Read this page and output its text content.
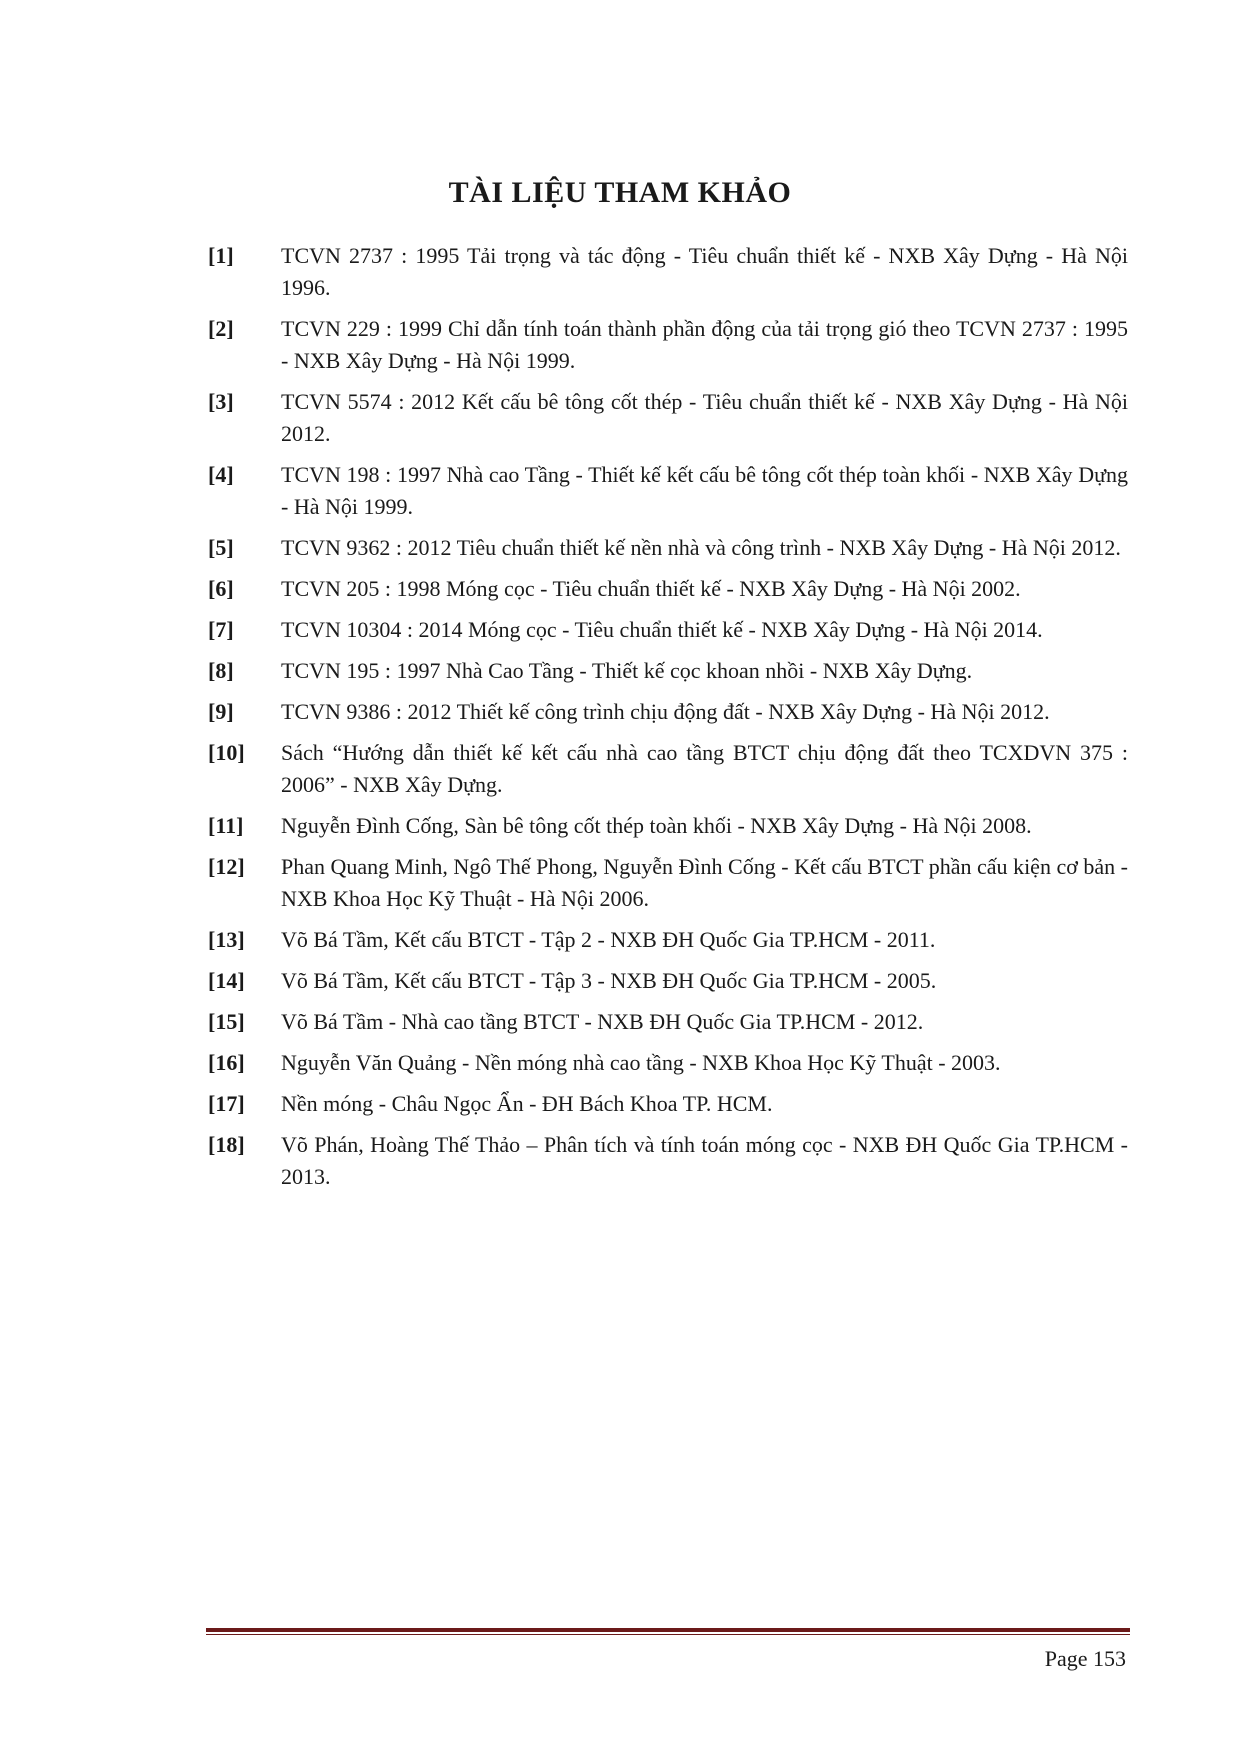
TÀI LIỆU THAM KHẢO
[1]	TCVN 2737 : 1995 Tải trọng và tác động - Tiêu chuẩn thiết kế - NXB Xây Dựng - Hà Nội 1996.
[2]	TCVN 229 : 1999 Chỉ dẫn tính toán thành phần động của tải trọng gió theo TCVN 2737 : 1995 - NXB Xây Dựng - Hà Nội 1999.
[3]	TCVN 5574 : 2012 Kết cấu bê tông cốt thép - Tiêu chuẩn thiết kế - NXB Xây Dựng - Hà Nội 2012.
[4]	TCVN 198 : 1997 Nhà cao Tầng - Thiết kế kết cấu bê tông cốt thép toàn khối - NXB Xây Dựng - Hà Nội 1999.
[5]	TCVN 9362 : 2012 Tiêu chuẩn thiết kế nền nhà và công trình - NXB Xây Dựng - Hà Nội 2012.
[6]	TCVN 205 : 1998 Móng cọc - Tiêu chuẩn thiết kế - NXB Xây Dựng - Hà Nội 2002.
[7]	TCVN 10304 : 2014 Móng cọc - Tiêu chuẩn thiết kế - NXB Xây Dựng - Hà Nội 2014.
[8]	TCVN 195 : 1997 Nhà Cao Tầng - Thiết kế cọc khoan nhồi - NXB Xây Dựng.
[9]	TCVN 9386 : 2012 Thiết kế công trình chịu động đất - NXB Xây Dựng - Hà Nội 2012.
[10]	Sách “Hướng dẫn thiết kế kết cấu nhà cao tầng BTCT chịu động đất theo TCXDVN 375 : 2006” - NXB Xây Dựng.
[11]	Nguyễn Đình Cống, Sàn bê tông cốt thép toàn khối - NXB Xây Dựng - Hà Nội 2008.
[12]	Phan Quang Minh, Ngô Thế Phong, Nguyễn Đình Cống - Kết cấu BTCT phần cấu kiện cơ bản - NXB Khoa Học Kỹ Thuật - Hà Nội 2006.
[13]	Võ Bá Tầm, Kết cấu BTCT - Tập 2 - NXB ĐH Quốc Gia TP.HCM - 2011.
[14]	Võ Bá Tầm, Kết cấu BTCT - Tập 3 - NXB ĐH Quốc Gia TP.HCM - 2005.
[15]	Võ Bá Tầm - Nhà cao tầng BTCT - NXB ĐH Quốc Gia TP.HCM - 2012.
[16]	Nguyễn Văn Quảng - Nền móng nhà cao tầng - NXB Khoa Học Kỹ Thuật - 2003.
[17]	Nền móng - Châu Ngọc Ẩn - ĐH Bách Khoa TP. HCM.
[18]	Võ Phán, Hoàng Thế Thảo – Phân tích và tính toán móng cọc - NXB ĐH Quốc Gia TP.HCM - 2013.
Page 153
